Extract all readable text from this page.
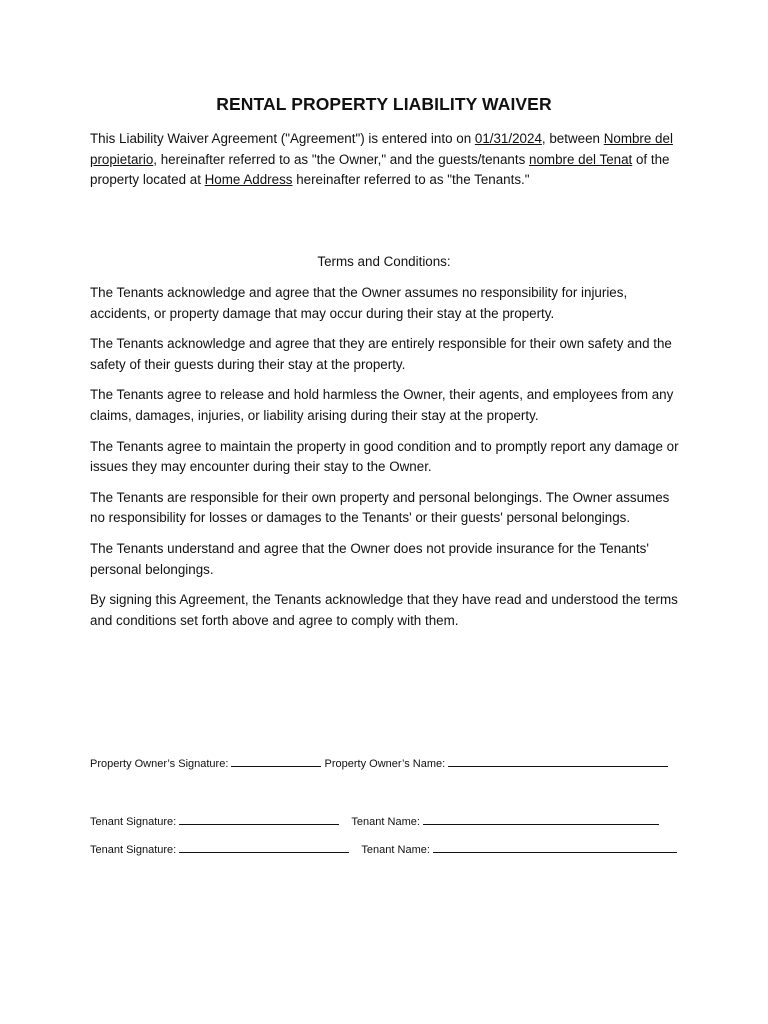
RENTAL PROPERTY LIABILITY WAIVER
This Liability Waiver Agreement ("Agreement") is entered into on 01/31/2024, between Nombre del propietario, hereinafter referred to as "the Owner," and the guests/tenants nombre del Tenat of the property located at Home Address hereinafter referred to as "the Tenants."
Terms and Conditions:

The Tenants acknowledge and agree that the Owner assumes no responsibility for injuries, accidents, or property damage that may occur during their stay at the property.

The Tenants acknowledge and agree that they are entirely responsible for their own safety and the safety of their guests during their stay at the property.

The Tenants agree to release and hold harmless the Owner, their agents, and employees from any claims, damages, injuries, or liability arising during their stay at the property.

The Tenants agree to maintain the property in good condition and to promptly report any damage or issues they may encounter during their stay to the Owner.

The Tenants are responsible for their own property and personal belongings. The Owner assumes no responsibility for losses or damages to the Tenants' or their guests' personal belongings.

The Tenants understand and agree that the Owner does not provide insurance for the Tenants' personal belongings.

By signing this Agreement, the Tenants acknowledge that they have read and understood the terms and conditions set forth above and agree to comply with them.

Property Owner’s Signature:	Property Owner’s Name:
Tenant Signature:	Tenant Name:
Tenant Signature:	Tenant Name:
